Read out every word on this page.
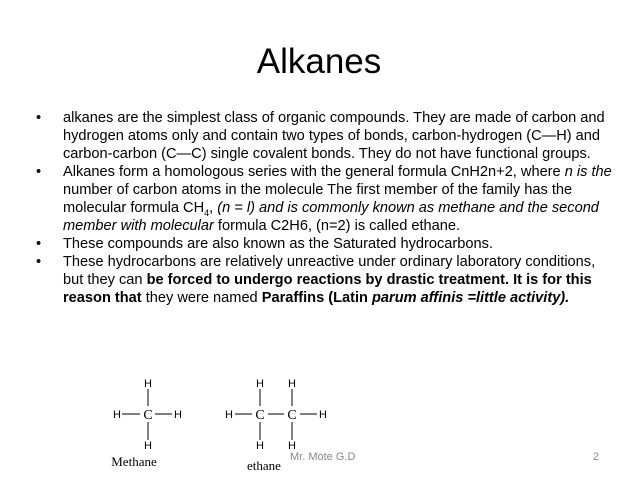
Alkanes
• alkanes are the simplest class of organic compounds. They are made of carbon and hydrogen atoms only and contain two types of bonds, carbon-hydrogen (C—H) and carbon-carbon (C—C) single covalent bonds. They do not have functional groups.
• Alkanes form a homologous series with the general formula CnH2n+2, where n is the number of carbon atoms in the molecule The first member of the family has the molecular formula $CH_4$, (n = l) and is commonly known as methane and the second member with molecular formula C2H6, (n=2) is called ethane.
• These compounds are also known as the Saturated hydrocarbons.
• These hydrocarbons are relatively unreactive under ordinary laboratory conditions, but they can be forced to undergo reactions by drastic treatment. It is for this reason that they were named Paraffins (Latin parum affinis =little activity).
H
H
H	H
C
Methane
H H
H H
H	H
C C
ethane
Mr. Mote G.D	2
